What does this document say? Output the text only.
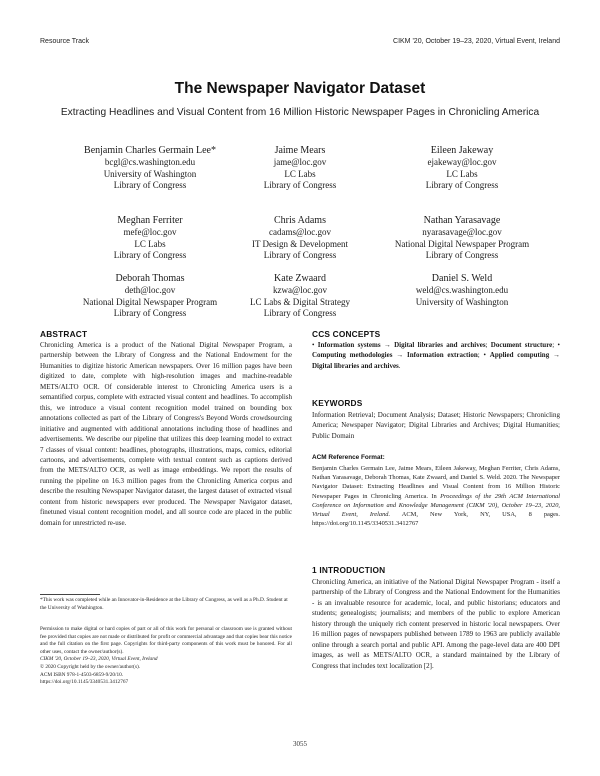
Resource Track	CIKM '20, October 19–23, 2020, Virtual Event, Ireland
The Newspaper Navigator Dataset
Extracting Headlines and Visual Content from 16 Million Historic Newspaper Pages in Chronicling America
Benjamin Charles Germain Lee*
bcgl@cs.washington.edu
University of Washington
Library of Congress
Jaime Mears
jame@loc.gov
LC Labs
Library of Congress
Eileen Jakeway
ejakeway@loc.gov
LC Labs
Library of Congress
Meghan Ferriter
mefe@loc.gov
LC Labs
Library of Congress
Chris Adams
cadams@loc.gov
IT Design & Development
Library of Congress
Nathan Yarasavage
nyarasavage@loc.gov
National Digital Newspaper Program
Library of Congress
Deborah Thomas
deth@loc.gov
National Digital Newspaper Program
Library of Congress
Kate Zwaard
kzwa@loc.gov
LC Labs & Digital Strategy
Library of Congress
Daniel S. Weld
weld@cs.washington.edu
University of Washington
ABSTRACT
Chronicling America is a product of the National Digital Newspaper Program, a partnership between the Library of Congress and the National Endowment for the Humanities to digitize historic American newspapers. Over 16 million pages have been digitized to date, complete with high-resolution images and machine-readable METS/ALTO OCR. Of considerable interest to Chronicling America users is a semantified corpus, complete with extracted visual content and headlines. To accomplish this, we introduce a visual content recognition model trained on bounding box annotations collected as part of the Library of Congress's Beyond Words crowdsourcing initiative and augmented with additional annotations including those of headlines and advertisements. We describe our pipeline that utilizes this deep learning model to extract 7 classes of visual content: headlines, photographs, illustrations, maps, comics, editorial cartoons, and advertisements, complete with textual content such as captions derived from the METS/ALTO OCR, as well as image embeddings. We report the results of running the pipeline on 16.3 million pages from the Chronicling America corpus and describe the resulting Newspaper Navigator dataset, the largest dataset of extracted visual content from historic newspapers ever produced. The Newspaper Navigator dataset, finetuned visual content recognition model, and all source code are placed in the public domain for unrestricted re-use.
*This work was completed while an Innovator-in-Residence at the Library of Congress, as well as a Ph.D. Student at the University of Washington.
Permission to make digital or hard copies of part or all of this work for personal or classroom use is granted without fee provided that copies are not made or distributed for profit or commercial advantage and that copies bear this notice and the full citation on the first page. Copyrights for third-party components of this work must be honored. For all other uses, contact the owner/author(s).
CIKM '20, October 19–23, 2020, Virtual Event, Ireland
© 2020 Copyright held by the owner/author(s).
ACM ISBN 978-1-4503-6859-9/20/10.
https://doi.org/10.1145/3340531.3412767
CCS CONCEPTS
• Information systems → Digital libraries and archives; Document structure; • Computing methodologies → Information extraction; • Applied computing → Digital libraries and archives.
KEYWORDS
Information Retrieval; Document Analysis; Dataset; Historic Newspapers; Chronicling America; Newspaper Navigator; Digital Libraries and Archives; Digital Humanities; Public Domain
ACM Reference Format:
Benjamin Charles Germain Lee, Jaime Mears, Eileen Jakeway, Meghan Ferriter, Chris Adams, Nathan Yarasavage, Deborah Thomas, Kate Zwaard, and Daniel S. Weld. 2020. The Newspaper Navigator Dataset: Extracting Headlines and Visual Content from 16 Million Historic Newspaper Pages in Chronicling America. In Proceedings of the 29th ACM International Conference on Information and Knowledge Management (CIKM '20), October 19–23, 2020, Virtual Event, Ireland. ACM, New York, NY, USA, 8 pages. https://doi.org/10.1145/3340531.3412767
1 INTRODUCTION
Chronicling America, an initiative of the National Digital Newspaper Program - itself a partnership of the Library of Congress and the National Endowment for the Humanities - is an invaluable resource for academic, local, and public historians; educators and students; genealogists; journalists; and members of the public to explore American history through the uniquely rich content preserved in historic local newspapers. Over 16 million pages of newspapers published between 1789 to 1963 are publicly available online through a search portal and public API. Among the page-level data are 400 DPI images, as well as METS/ALTO OCR, a standard maintained by the Library of Congress that includes text localization [2].
3055
